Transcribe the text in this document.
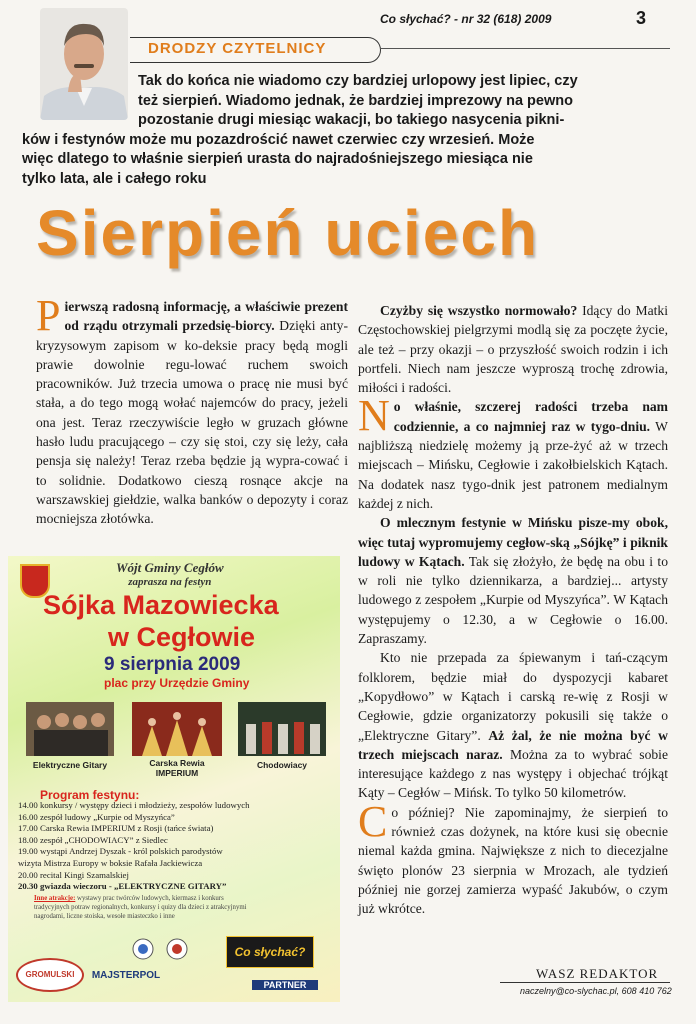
Co słychać? - nr 32 (618) 2009	3
DRODZY CZYTELNICY
Tak do końca nie wiadomo czy bardziej urlopowy jest lipiec, czy
też sierpień. Wiadomo jednak, że bardziej imprezowy na pewno
pozostanie drugi miesiąc wakacji, bo takiego nasycenia pikni-
ków i festynów może mu pozazdrościć nawet czerwiec czy wrzesień. Może
więc dlatego to właśnie sierpień urasta do najradośniejszego miesiąca nie
tylko lata, ale i całego roku
Sierpień uciech

P ierwszą radosną informację, a właściwie prezent od rządu otrzymali przedsię-biorcy. Dzięki anty-kryzysowym zapisom w ko-deksie pracy będą mogli prawie dowolnie regu-lować ruchem swoich pracowników. Już trzecia umowa o pracę nie musi być stała, a do tego mogą wołać najemców do pracy, jeżeli ona jest. Teraz rzeczywiście legło w gruzach główne hasło ludu pracującego – czy się stoi, czy się leży, cała pensja się należy! Teraz rzeba będzie ją wypra-cować i to solidnie. Dodatkowo cieszą rosnące akcje na warszawskiej giełdzie, walka banków o depozyty i coraz mocniejsza złotówka.

Czyżby się wszystko normowało? Idący do Matki Częstochowskiej pielgrzymi modlą się za poczęte życie, ale też – przy okazji – o przyszłość swoich rodzin i ich portfeli. Niech nam jeszcze wyproszą trochę zdrowia, miłości i radości.

No właśnie, szczerej radości trzeba nam codziennie, a co najmniej raz w tygo-dniu. W najbliższą niedzielę możemy ją prze-żyć aż w trzech miejscach – Mińsku, Cegłowie i zakołbielskich Kątach. Na dodatek nasz tygo-dnik jest patronem medialnym każdej z nich.

O mlecznym festynie w Mińsku pisze-my obok, więc tutaj wypromujemy cegłow-ską „Sójkę” i piknik ludowy w Kątach. Tak się złożyło, że będę na obu i to w roli nie tylko dziennikarza, a bardziej... artysty ludowego z zespołem „Kurpie od Myszyńca”. W Kątach występujemy o 12.30, a w Cegłowie o 16.00. Zapraszamy.

Kto nie przepada za śpiewanym i tań-czącym folklorem, będzie miał do dyspozycji kabaret „Kopydłowo” w Kątach i carską re-wię z Rosji w Cegłowie, gdzie organizatorzy pokusili się także o „Elektryczne Gitary”. Aż żal, że nie można być w trzech miejscach naraz. Można za to wybrać sobie interesujące każdego z nas występy i objechać trójkąt Kąty – Cegłów – Mińsk. To tylko 50 kilometrów.

Co później? Nie zapominajmy, że sierpień to również czas dożynek, na które kusi się obecnie niemal każda gmina. Największe z nich to diecezjalne święto plonów 23 sierpnia w Mrozach, ale tydzień później nie gorzej zamierza wypaść Jakubów, o czym już wkrótce.

Wójt Gminy Cegłów
zaprasza na festyn
Sójka Mazowiecka
w Cegłowie
9 sierpnia 2009
plac przy Urzędzie Gminy
Elektryczne Gitary	Carska Rewia IMPERIUM
Chodowiacy
Program festynu:
14.00 konkursy / występy dzieci i młodzieży, zespołów ludowych
16.00 zespół ludowy „Kurpie od Myszyńca”
17.00 Carska Rewia IMPERIUM z Rosji (tańce świata)
18.00 zespół „CHODOWIACY” z Siedlec
19.00 wystąpi Andrzej Dyszak - król polskich parodystów
wizyta Mistrza Europy w boksie Rafała Jackiewicza
20.00 recital Kingi Szamalskiej
20.30 gwiazda wieczoru - „ELEKTRYCZNE GITARY”
Inne atrakcje: wystawy prac twórców ludowych, kiermasz i konkurs tradycyjnych potraw regionalnych, konkursy i quizy dla dzieci z atrakcyjnymi nagrodami, liczne stoiska, wesołe miasteczko i inne
GROMULSKI	MAJSTERPOL
Co słychać?
PARTNER
WASZ REDAKTOR
naczelny@co-slychac.pl, 608 410 762
